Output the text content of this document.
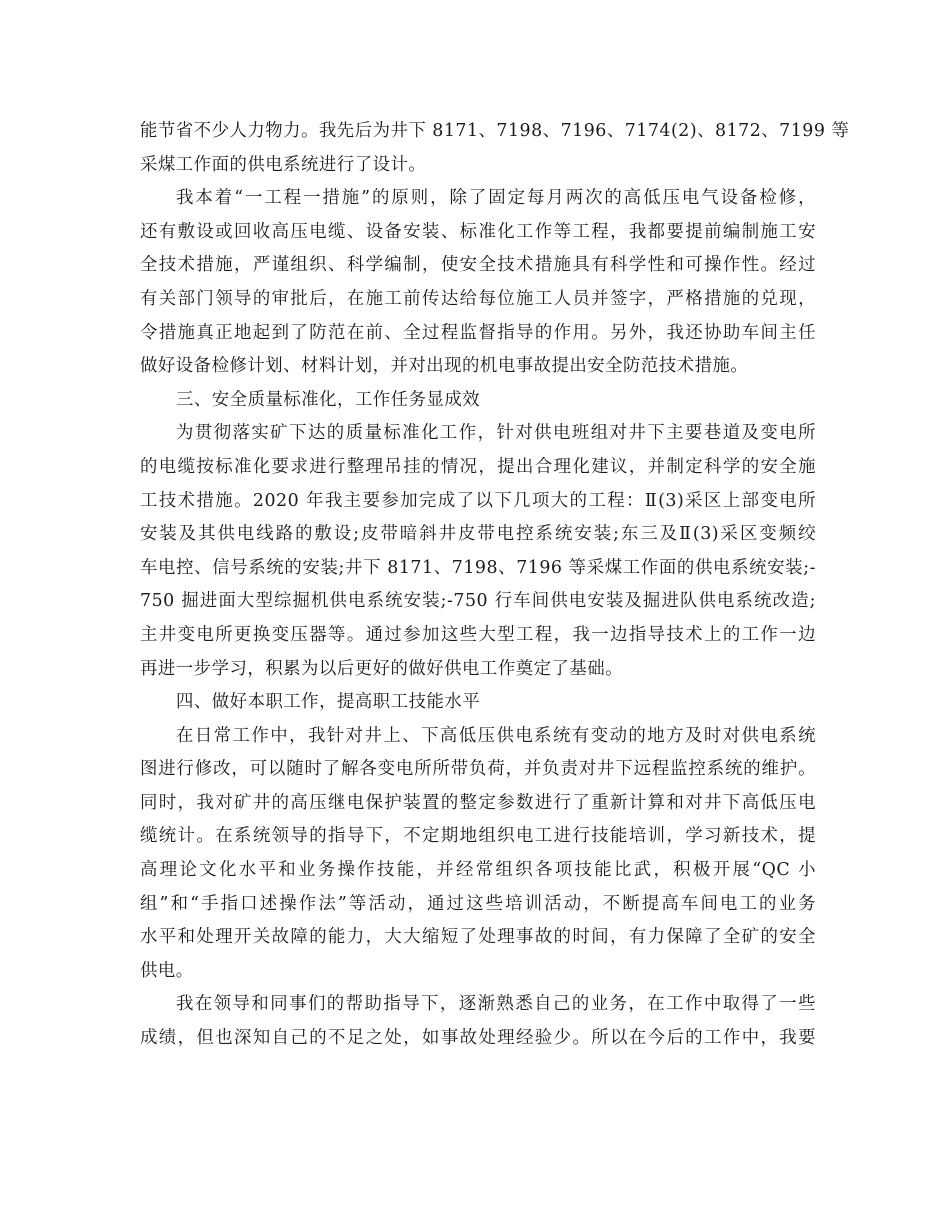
能节省不少人力物力。我先后为井下 8171、7198、7196、7174(2)、8172、7199 等
采煤工作面的供电系统进行了设计。
我本着“一工程一措施”的原则，除了固定每月两次的高低压电气设备检修，
还有敷设或回收高压电缆、设备安装、标准化工作等工程，我都要提前编制施工安
全技术措施，严谨组织、科学编制，使安全技术措施具有科学性和可操作性。经过
有关部门领导的审批后，在施工前传达给每位施工人员并签字，严格措施的兑现，
令措施真正地起到了防范在前、全过程监督指导的作用。另外，我还协助车间主任
做好设备检修计划、材料计划，并对出现的机电事故提出安全防范技术措施。
三、安全质量标准化，工作任务显成效
为贯彻落实矿下达的质量标准化工作，针对供电班组对井下主要巷道及变电所
的电缆按标准化要求进行整理吊挂的情况，提出合理化建议，并制定科学的安全施
工技术措施。2020 年我主要参加完成了以下几项大的工程：Ⅱ(3)采区上部变电所
安装及其供电线路的敷设;皮带暗斜井皮带电控系统安装;东三及Ⅱ(3)采区变频绞
车电控、信号系统的安装;井下 8171、7198、7196 等采煤工作面的供电系统安装;-
750 掘进面大型综掘机供电系统安装;-750 行车间供电安装及掘进队供电系统改造;
主井变电所更换变压器等。通过参加这些大型工程，我一边指导技术上的工作一边
再进一步学习，积累为以后更好的做好供电工作奠定了基础。
四、做好本职工作，提高职工技能水平
在日常工作中，我针对井上、下高低压供电系统有变动的地方及时对供电系统
图进行修改，可以随时了解各变电所所带负荷，并负责对井下远程监控系统的维护。
同时，我对矿井的高压继电保护装置的整定参数进行了重新计算和对井下高低压电
缆统计。在系统领导的指导下，不定期地组织电工进行技能培训，学习新技术，提
高理论文化水平和业务操作技能，并经常组织各项技能比武，积极开展“QC 小
组”和“手指口述操作法”等活动，通过这些培训活动，不断提高车间电工的业务
水平和处理开关故障的能力，大大缩短了处理事故的时间，有力保障了全矿的安全
供电。
我在领导和同事们的帮助指导下，逐渐熟悉自己的业务，在工作中取得了一些
成绩，但也深知自己的不足之处，如事故处理经验少。所以在今后的工作中，我要
